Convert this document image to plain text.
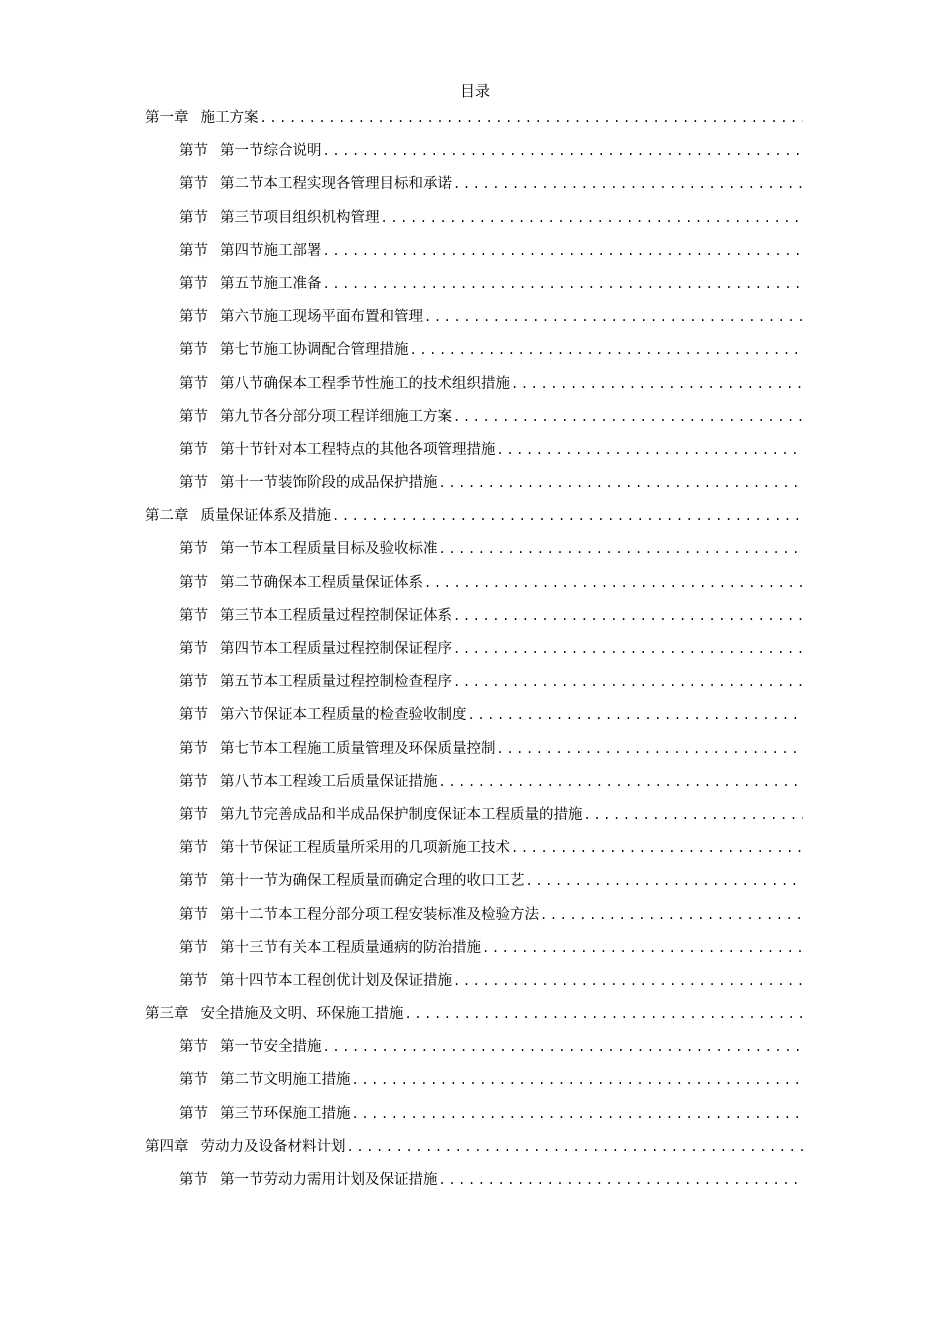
目录
第一章 施工方案
.....
第节 第一节综合说明
.....
第节 第二节本工程实现各管理目标和承诺
.....
第节 第三节项目组织机构管理
.....
第节 第四节施工部署
.....
第节 第五节施工准备
.....
第节 第六节施工现场平面布置和管理
.....
第节 第七节施工协调配合管理措施
.....
第节 第八节确保本工程季节性施工的技术组织措施
.....
第节 第九节各分部分项工程详细施工方案
.....
第节 第十节针对本工程特点的其他各项管理措施
.....
第节 第十一节装饰阶段的成品保护措施
.....
第二章 质量保证体系及措施
.....
第节 第一节本工程质量目标及验收标准
.....
第节 第二节确保本工程质量保证体系
.....
第节 第三节本工程质量过程控制保证体系
.....
第节 第四节本工程质量过程控制保证程序
.....
第节 第五节本工程质量过程控制检查程序
.....
第节 第六节保证本工程质量的检查验收制度
.....
第节 第七节本工程施工质量管理及环保质量控制
.....
第节 第八节本工程竣工后质量保证措施
.....
第节 第九节完善成品和半成品保护制度保证本工程质量的措施
.....
第节 第十节保证工程质量所采用的几项新施工技术
.....
第节 第十一节为确保工程质量而确定合理的收口工艺
.....
第节 第十二节本工程分部分项工程安装标准及检验方法
.....
第节 第十三节有关本工程质量通病的防治措施
.....
第节 第十四节本工程创优计划及保证措施
.....
第三章 安全措施及文明、环保施工措施
.....
第节 第一节安全措施
.....
第节 第二节文明施工措施
.....
第节 第三节环保施工措施
.....
第四章 劳动力及设备材料计划
.....
第节 第一节劳动力需用计划及保证措施
.....
